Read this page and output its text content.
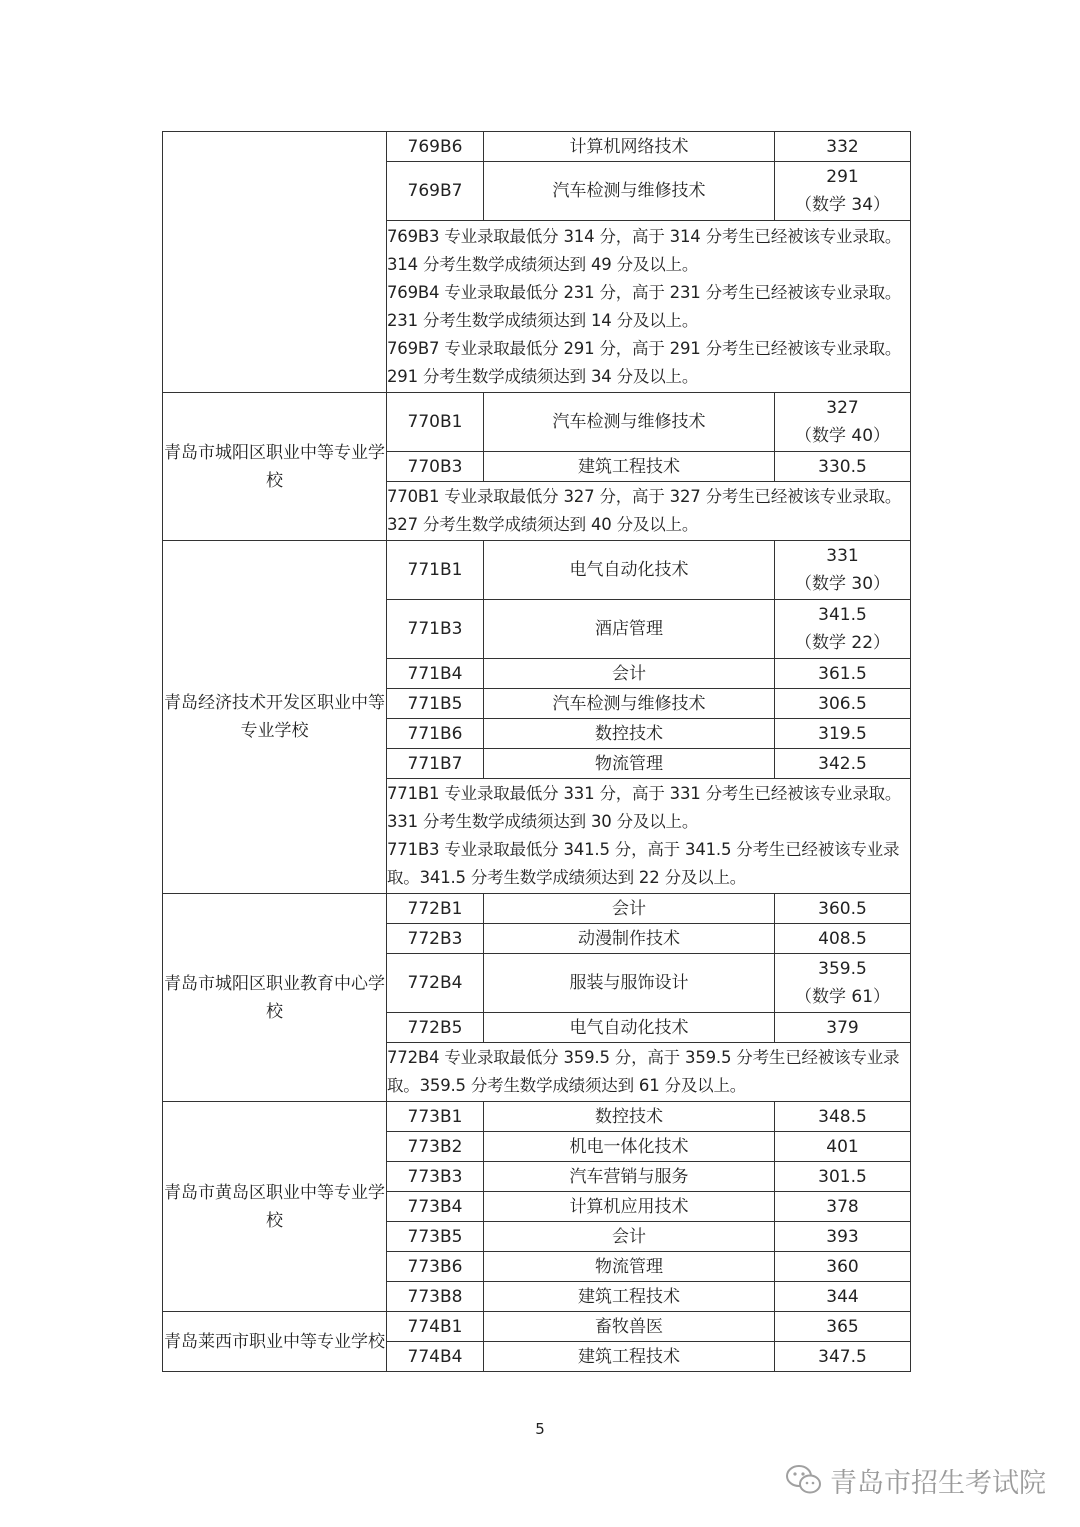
	769B6	计算机网络技术	332
	769B7	汽车检测与维修技术	291
（数学 34）

	769B3 专业录取最低分 314 分，高于 314 分考生已经被该专业录取。314 分考生数学成绩须达到 49 分及以上。
769B4 专业录取最低分 231 分，高于 231 分考生已经被该专业录取。231 分考生数学成绩须达到 14 分及以上。
769B7 专业录取最低分 291 分，高于 291 分考生已经被该专业录取。291 分考生数学成绩须达到 34 分及以上。		

青岛市城阳区职业中等专业学校	770B1	汽车检测与维修技术	327
（数学 40）

	770B3	建筑工程技术	330.5

	770B1 专业录取最低分 327 分，高于 327 分考生已经被该专业录取。327 分考生数学成绩须达到 40 分及以上。		

青岛经济技术开发区职业中等专业学校	771B1	电气自动化技术	331
（数学 30）

	771B3	酒店管理	341.5
（数学 22）

	771B4	会计	361.5
	771B5	汽车检测与维修技术	306.5
	771B6	数控技术	319.5
	771B7	物流管理	342.5

	771B1 专业录取最低分 331 分，高于 331 分考生已经被该专业录取。331 分考生数学成绩须达到 30 分及以上。
771B3 专业录取最低分 341.5 分，高于 341.5 分考生已经被该专业录取。341.5 分考生数学成绩须达到 22 分及以上。		

青岛市城阳区职业教育中心学校	772B1	会计	360.5
	772B3	动漫制作技术	408.5
	772B4	服装与服饰设计	359.5
（数学 61）

	772B5	电气自动化技术	379

	772B4 专业录取最低分 359.5 分，高于 359.5 分考生已经被该专业录取。359.5 分考生数学成绩须达到 61 分及以上。		

青岛市黄岛区职业中等专业学校	773B1	数控技术	348.5
	773B2	机电一体化技术	401
	773B3	汽车营销与服务	301.5
	773B4	计算机应用技术	378
	773B5	会计	393
	773B6	物流管理	360
	773B8	建筑工程技术	344
青岛莱西市职业中等专业学校	774B1	畜牧兽医	365
	774B4	建筑工程技术	347.5
5
青岛市招生考试院
